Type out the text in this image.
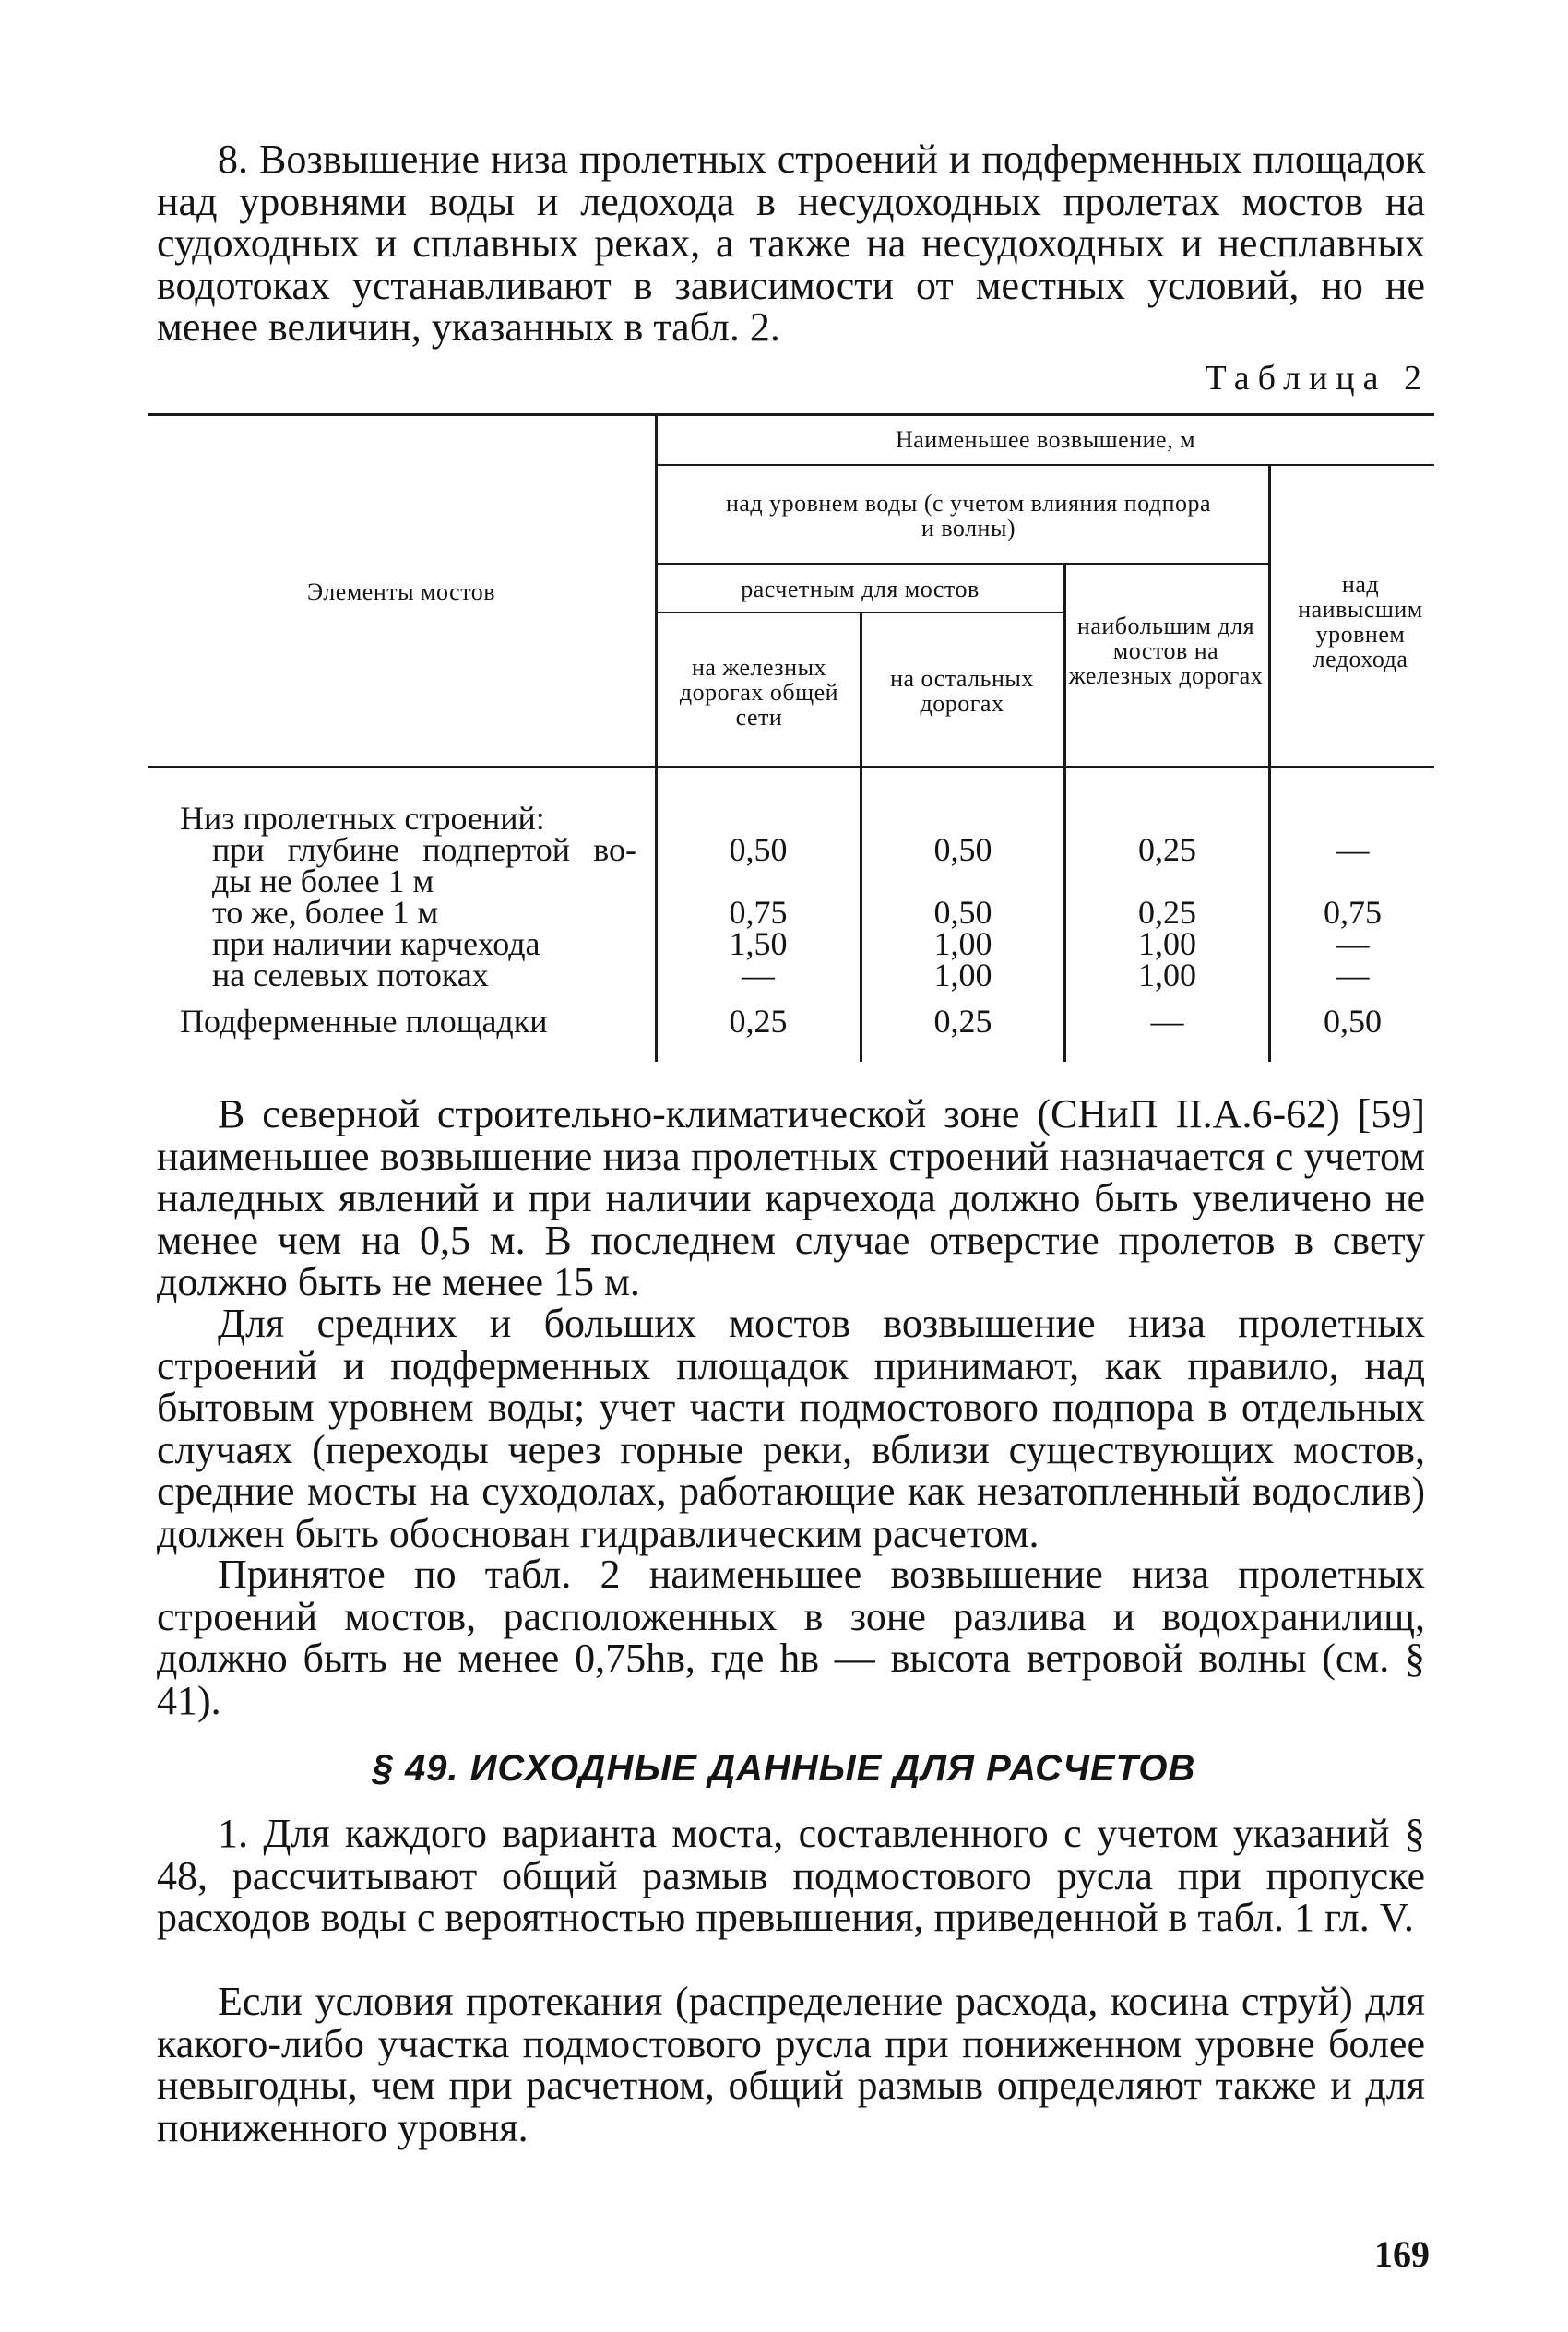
8. Возвышение низа пролетных строений и подферменных площадок над уровнями воды и ледохода в несудоходных пролетах мостов на судоходных и сплавных реках, а также на несудоходных и несплавных водотоках устанавливают в зависимости от местных условий, но не менее величин, указанных в табл. 2.

Таблица 2
Элементы мостов
Наименьшее возвышение, м
над уровнем воды (с учетом влияния подпора и волны)
расчетным для мостов
на железных дорогах общей сети
на остальных дорогах
наибольшим для мостов на железных дорогах
над наивысшим уровнем ледохода
Низ пролетных строений:
при глубине подпертой во-	0,50	0,50	0,25	—
ды не более 1 м
то же, более 1 м	0,75	0,50	0,25	0,75
при наличии карчехода	1,50	1,00	1,00	—
на селевых потоках	—	1,00	1,00	—
Подферменные площадки	0,25	0,25	—	0,50

В северной строительно-климатической зоне (СНиП II.A.6-62) [59] наименьшее возвышение низа пролетных строений назначается с учетом наледных явлений и при наличии карчехода должно быть увеличено не менее чем на 0,5 м. В последнем случае отверстие пролетов в свету должно быть не менее 15 м.

Для средних и больших мостов возвышение низа пролетных строений и подферменных площадок принимают, как правило, над бытовым уровнем воды; учет части подмостового подпора в отдельных случаях (переходы через горные реки, вблизи существующих мостов, средние мосты на суходолах, работающие как незатопленный водослив) должен быть обоснован гидравлическим расчетом.

Принятое по табл. 2 наименьшее возвышение низа пролетных строений мостов, расположенных в зоне разлива и водохранилищ, должно быть не менее 0,75hв, где hв — высота ветровой волны (см. § 41).

§ 49. ИСХОДНЫЕ ДАННЫЕ ДЛЯ РАСЧЕТОВ

1. Для каждого варианта моста, составленного с учетом указаний § 48, рассчитывают общий размыв подмостового русла при пропуске расходов воды с вероятностью превышения, приведенной в табл. 1 гл. V.

Если условия протекания (распределение расхода, косина струй) для какого-либо участка подмостового русла при пониженном уровне более невыгодны, чем при расчетном, общий размыв определяют также и для пониженного уровня.

169
